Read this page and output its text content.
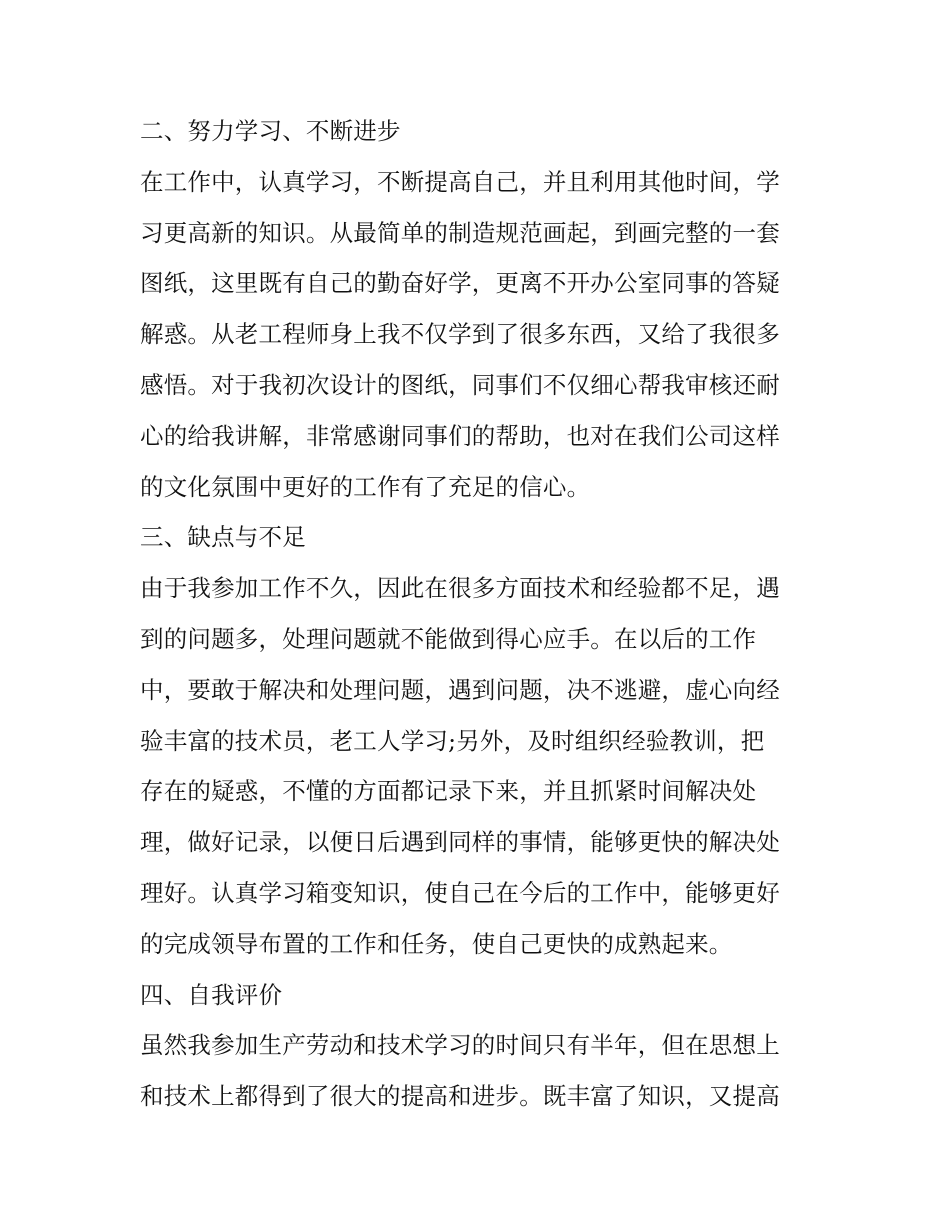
二、努力学习、不断进步
在工作中，认真学习，不断提高自己，并且利用其他时间，学
习更高新的知识。从最简单的制造规范画起，到画完整的一套
图纸，这里既有自己的勤奋好学，更离不开办公室同事的答疑
解惑。从老工程师身上我不仅学到了很多东西，又给了我很多
感悟。对于我初次设计的图纸，同事们不仅细心帮我审核还耐
心的给我讲解，非常感谢同事们的帮助，也对在我们公司这样
的文化氛围中更好的工作有了充足的信心。
三、缺点与不足
由于我参加工作不久，因此在很多方面技术和经验都不足，遇
到的问题多，处理问题就不能做到得心应手。在以后的工作
中，要敢于解决和处理问题，遇到问题，决不逃避，虚心向经
验丰富的技术员，老工人学习;另外，及时组织经验教训，把
存在的疑惑，不懂的方面都记录下来，并且抓紧时间解决处
理，做好记录，以便日后遇到同样的事情，能够更快的解决处
理好。认真学习箱变知识，使自己在今后的工作中，能够更好
的完成领导布置的工作和任务，使自己更快的成熟起来。
四、自我评价
虽然我参加生产劳动和技术学习的时间只有半年，但在思想上
和技术上都得到了很大的提高和进步。既丰富了知识，又提高
